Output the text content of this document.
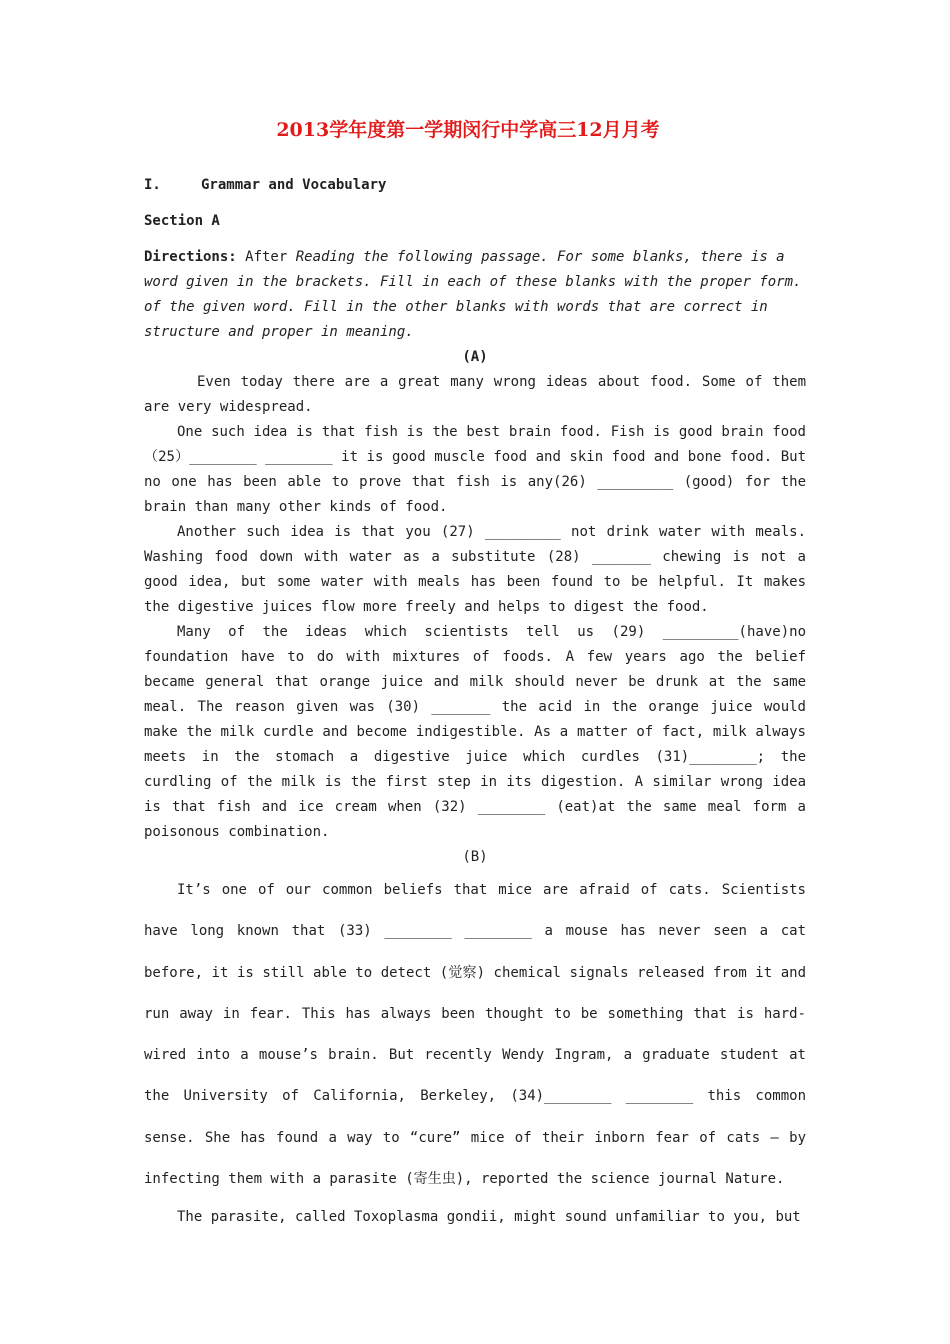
2013学年度第一学期闵行中学高三12月月考
I.	Grammar and Vocabulary
Section A

Directions: After Reading the following passage. For some blanks, there is a word given in the brackets. Fill in each of these blanks with the proper form. of the given word. Fill in the other blanks with words that are correct in structure and proper in meaning.

(A)

Even today there are a great many wrong ideas about food. Some of them are very widespread.

One such idea is that fish is the best brain food. Fish is good brain food（25）________ ________ it is good muscle food and skin food and bone food. But no one has been able to prove that fish is any(26) _________ (good) for the brain than many other kinds of food.

Another such idea is that you (27) _________ not drink water with meals. Washing food down with water as a substitute (28) _______ chewing is not a good idea, but some water with meals has been found to be helpful. It makes the digestive juices flow more freely and helps to digest the food.

Many of the ideas which scientists tell us (29) _________(have)no foundation have to do with mixtures of foods. A few years ago the belief became general that orange juice and milk should never be drunk at the same meal. The reason given was (30) _______ the acid in the orange juice would make the milk curdle and become indigestible. As a matter of fact, milk always meets in the stomach a digestive juice which curdles (31)________; the curdling of the milk is the first step in its digestion. A similar wrong idea is that fish and ice cream when (32) ________ (eat)at the same meal form a poisonous combination.

(B)

It’s one of our common beliefs that mice are afraid of cats. Scientists have long known that (33) ________ ________ a mouse has never seen a cat before, it is still able to detect (觉察) chemical signals released from it and run away in fear. This has always been thought to be something that is hard-wired into a mouse’s brain. But recently Wendy Ingram, a graduate student at the University of California, Berkeley, (34)________ ________ this common sense. She has found a way to “cure” mice of their inborn fear of cats – by infecting them with a parasite (寄生虫), reported the science journal Nature.

The parasite, called Toxoplasma gondii, might sound unfamiliar to you, but
